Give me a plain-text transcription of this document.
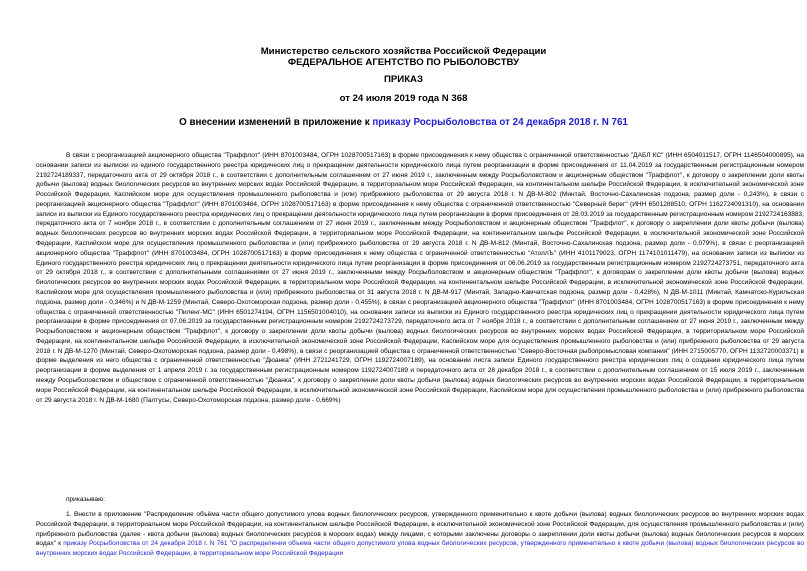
Министерство сельского хозяйства Российской Федерации
ФЕДЕРАЛЬНОЕ АГЕНТСТВО ПО РЫБОЛОВСТВУ
ПРИКАЗ
от 24 июля 2019 года N 368
О внесении изменений в приложение к приказу Росрыболовства от 24 декабря 2018 г. N 761
В связи с реорганизацией акционерного общества "Траффлот" (ИНН 8701003484, ОГРН 1028700517163) в форме присоединения к нему общества с ограниченной ответственностью "ДАБЛ КС" (ИНН 6504011517, ОГРН 1146504000895), на основании записи из выписки из единого государственного реестра юридических лиц о прекращении деятельности юридического лица путем реорганизации в форме присоединения от 11.04.2019 за государственным регистрационным номером 2192724189337, передаточного акта от 29 октября 2018 г., в соответствии с дополнительным соглашением от 27 июня 2019 г., заключенным между Росрыболовством и акционерным обществом "Траффлот", к договору о закреплении доли квоты добычи (вылова) водных биологических ресурсов во внутренних морских водах Российской Федерации, в территориальном море Российской Федерации, на континентальном шельфе Российской Федерации, в исключительной экономической зоне Российской Федерации, Каспийском море для осуществления промышленного рыболовства и (или) прибрежного рыболовства от 29 августа 2018 г. N ДВ-М-802 (Минтай, Восточно-Сахалинская подзона, размер доли - 0,243%), в связи с реорганизацией акционерного общества "Траффлот" (ИНН 8701003484, ОГРН 1028700517163) в форме присоединения к нему общества с ограниченной ответственностью "Северный берег" (ИНН 6501288510, ОГРН 1162724091310), на основании записи из выписки из Единого государственного реестра юридических лиц о прекращении деятельности юридического лица путем реорганизации в форме присоединения от 28.03.2019 за государственным регистрационным номером 2192724163883, передаточного акта от 7 ноября 2018 г., в соответствии с дополнительным соглашением от 27 июня 2019 г., заключенным между Росрыболовством и акционерным обществом "Траффлот", к договору о закреплении доли квоты добычи (вылова) водных биологических ресурсов во внутренних морских водах Российской Федерации, в территориальном море Российской Федерации, на континентальном шельфе Российской Федерации, в исключительной экономической зоне Российской Федерации, Каспийском море для осуществления промышленного рыболовства и (или) прибрежного рыболовства от 29 августа 2018 г. N ДВ-М-812 (Минтай, Восточно-Сахалинская подзона, размер доли - 0,079%), в связи с реорганизацией акционерного общества "Траффлот" (ИНН 8701003484, ОГРН 1028700517163) в форме присоединения к нему общества с ограниченной ответственностью "АтоллЪ" (ИНН 4101179023, ОГРН 1174101011479), на основании записи из выписки из Единого государственного реестра юридических лиц о прекращении деятельности юридического лица путем реорганизации в форме присоединения от 06.06.2019 за государственным регистрационным номером 2192724273751, передаточного акта от 29 октября 2018 г., в соответствии с дополнительными соглашениями от 27 июня 2019 г., заключенными между Росрыболовством и акционерным обществом "Траффлот", к договорам о закреплении доли квоты добычи (вылова) водных биологических ресурсов во внутренних морских водах Российской Федерации, в территориальном море Российской Федерации, на континентальном шельфе Российской Федерации, в исключительной экономической зоне Российской Федерации, Каспийском море для осуществления промышленного рыболовства и (или) прибрежного рыболовства от 31 августа 2018 г. N ДВ-М-917 (Минтай, Западно-Камчатская подзона, размер доли - 0,428%), N ДВ-М-1011 (Минтай, Камчатско-Курильская подзона, размер доли - 0,346%) и N ДВ-М-1259 (Минтай, Северо-Охотоморская подзона, размер доли - 0,455%), в связи с реорганизацией акционерного общества "Траффлот" (ИНН 8701003484, ОГРН 1028700517163) в форме присоединения к нему общества с ограниченной ответственностью "Пиленг-МС" (ИНН 6501274194, ОГРН 1156501004010), на основании записи из выписки из Единого государственного реестра юридических лиц о прекращении деятельности юридического лица путем реорганизации в форме присоединения от 07.06.2019 за государственным регистрационным номером 2192724273729, передаточного акта от 7 ноября 2018 г., в соответствии с дополнительным соглашением от 27 июня 2019 г., заключенным между Росрыболовством и акционерным обществом "Траффлот", к договору о закреплении доли квоты добычи (вылова) водных биологических ресурсов во внутренних морских водах Российской Федерации, в территориальном море Российской Федерации, на континентальном шельфе Российской Федерации, в исключительной экономической зоне Российской Федерации, Каспийском море для осуществления промышленного рыболовства и (или) прибрежного рыболовства от 29 августа 2018 г. N ДВ-М-1270 (Минтай, Северо-Охотоморская подзона, размер доли - 0,498%), в связи с реорганизацией общества с ограниченной ответственностью "Северо-Восточная рыбопромысловая компания" (ИНН 2715005770, ОГРН 1132720003371) в форме выделения из него общества с ограниченной ответственностью "Дюанка" (ИНН 2721241729, ОГРН 1192724007189), на основании листа записи Единого государственного реестра юридических лиц о создании юридического лица путем реорганизации в форме выделения от 1 апреля 2019 г. за государственным регистрационным номером 1192724007189 и передаточного акта от 28 декабря 2018 г., в соответствии с дополнительным соглашением от 15 июля 2019 г., заключенным между Росрыболовством и обществом с ограниченной ответственностью "Дюанка", к договору о закреплении доли квоты добычи (вылова) водных биологических ресурсов во внутренних морских водах Российской Федерации, в территориальном море Российской Федерации, на континентальном шельфе Российской Федерации, в исключительной экономической зоне Российской Федерации, Каспийском море для осуществления промышленного рыболовства и (или) прибрежного рыболовства от 29 августа 2018 г. N ДВ-М-1680 (Палтусы, Северо-Охотоморская подзона, размер доли - 0,669%)
приказываю:
1. Внести в приложение "Распределение объёма части общего допустимого улова водных биологических ресурсов, утвержденного применительно к квоте добычи (вылова) водных биологических ресурсов во внутренних морских водах Российской Федерации, в территориальном море Российской Федерации, на континентальном шельфе Российской Федерации, в исключительной экономической зоне Российской Федерации, для осуществления промышленного рыболовства и (или) прибрежного рыболовства (далее - квота добычи (вылова) водных биологических ресурсов в морских водах) между лицами, с которыми заключены договоры о закреплении доли квоты добычи (вылова) водных биологических ресурсов в морских водах" к приказу Росрыболовства от 24 декабря 2018 г. N 761 "О распределении объема части общего допустимого улова водных биологических ресурсов, утвержденного применительно к квоте добычи (вылова) водных биологических ресурсов во внутренних морских водах Российской Федерации, в территориальном море Российской Федерации
